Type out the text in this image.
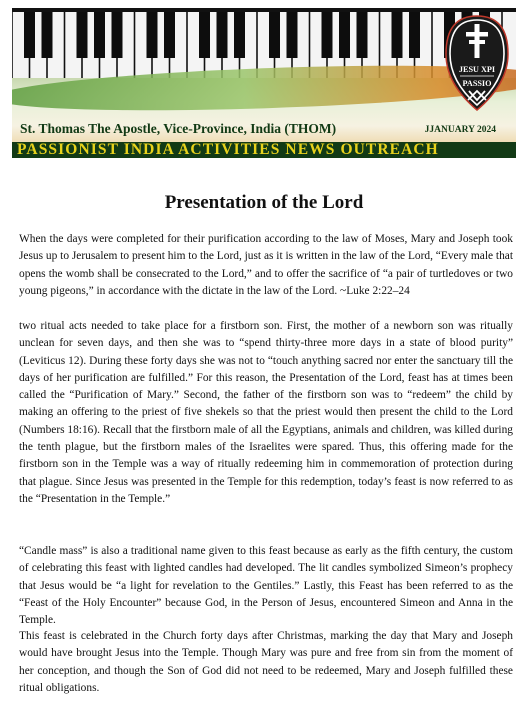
JESU XPI
PASSIO
St. Thomas The Apostle, Vice-Province, India (THOM)	JJANUARY 2024
PASSIONIST INDIA ACTIVITIES NEWS OUTREACH
Presentation of the Lord

When the days were completed for their purification according to the law of Moses, Mary and Joseph took Jesus up to Jerusalem to present him to the Lord, just as it is written in the law of the Lord, “Every male that opens the womb shall be consecrated to the Lord,” and to offer the sacrifice of “a pair of turtledoves or two young pigeons,” in accordance with the dictate in the law of the Lord. ~Luke 2:22–24

two ritual acts needed to take place for a firstborn son. First, the mother of a newborn son was ritually unclean for seven days, and then she was to “spend thirty-three more days in a state of blood purity” (Leviticus 12). During these forty days she was not to “touch anything sacred nor enter the sanctuary till the days of her purification are fulfilled.” For this reason, the Presentation of the Lord, feast has at times been called the “Purification of Mary.” Second, the father of the firstborn son was to “redeem” the child by making an offering to the priest of five shekels so that the priest would then present the child to the Lord (Numbers 18:16). Recall that the firstborn male of all the Egyptians, animals and children, was killed during the tenth plague, but the firstborn males of the Israelites were spared. Thus, this offering made for the firstborn son in the Temple was a way of ritually redeeming him in commemoration of protection during that plague. Since Jesus was presented in the Temple for this redemption, today’s feast is now referred to as the “Presentation in the Temple.”

“Candle mass” is also a traditional name given to this feast because as early as the fifth century, the custom of celebrating this feast with lighted candles had developed. The lit candles symbolized Simeon’s prophecy that Jesus would be “a light for revelation to the Gentiles.” Lastly, this Feast has been referred to as the “Feast of the Holy Encounter” because God, in the Person of Jesus, encountered Simeon and Anna in the Temple.

This feast is celebrated in the Church forty days after Christmas, marking the day that Mary and Joseph would have brought Jesus into the Temple. Though Mary was pure and free from sin from the moment of her conception, and though the Son of God did not need to be redeemed, Mary and Joseph fulfilled these ritual obligations.
